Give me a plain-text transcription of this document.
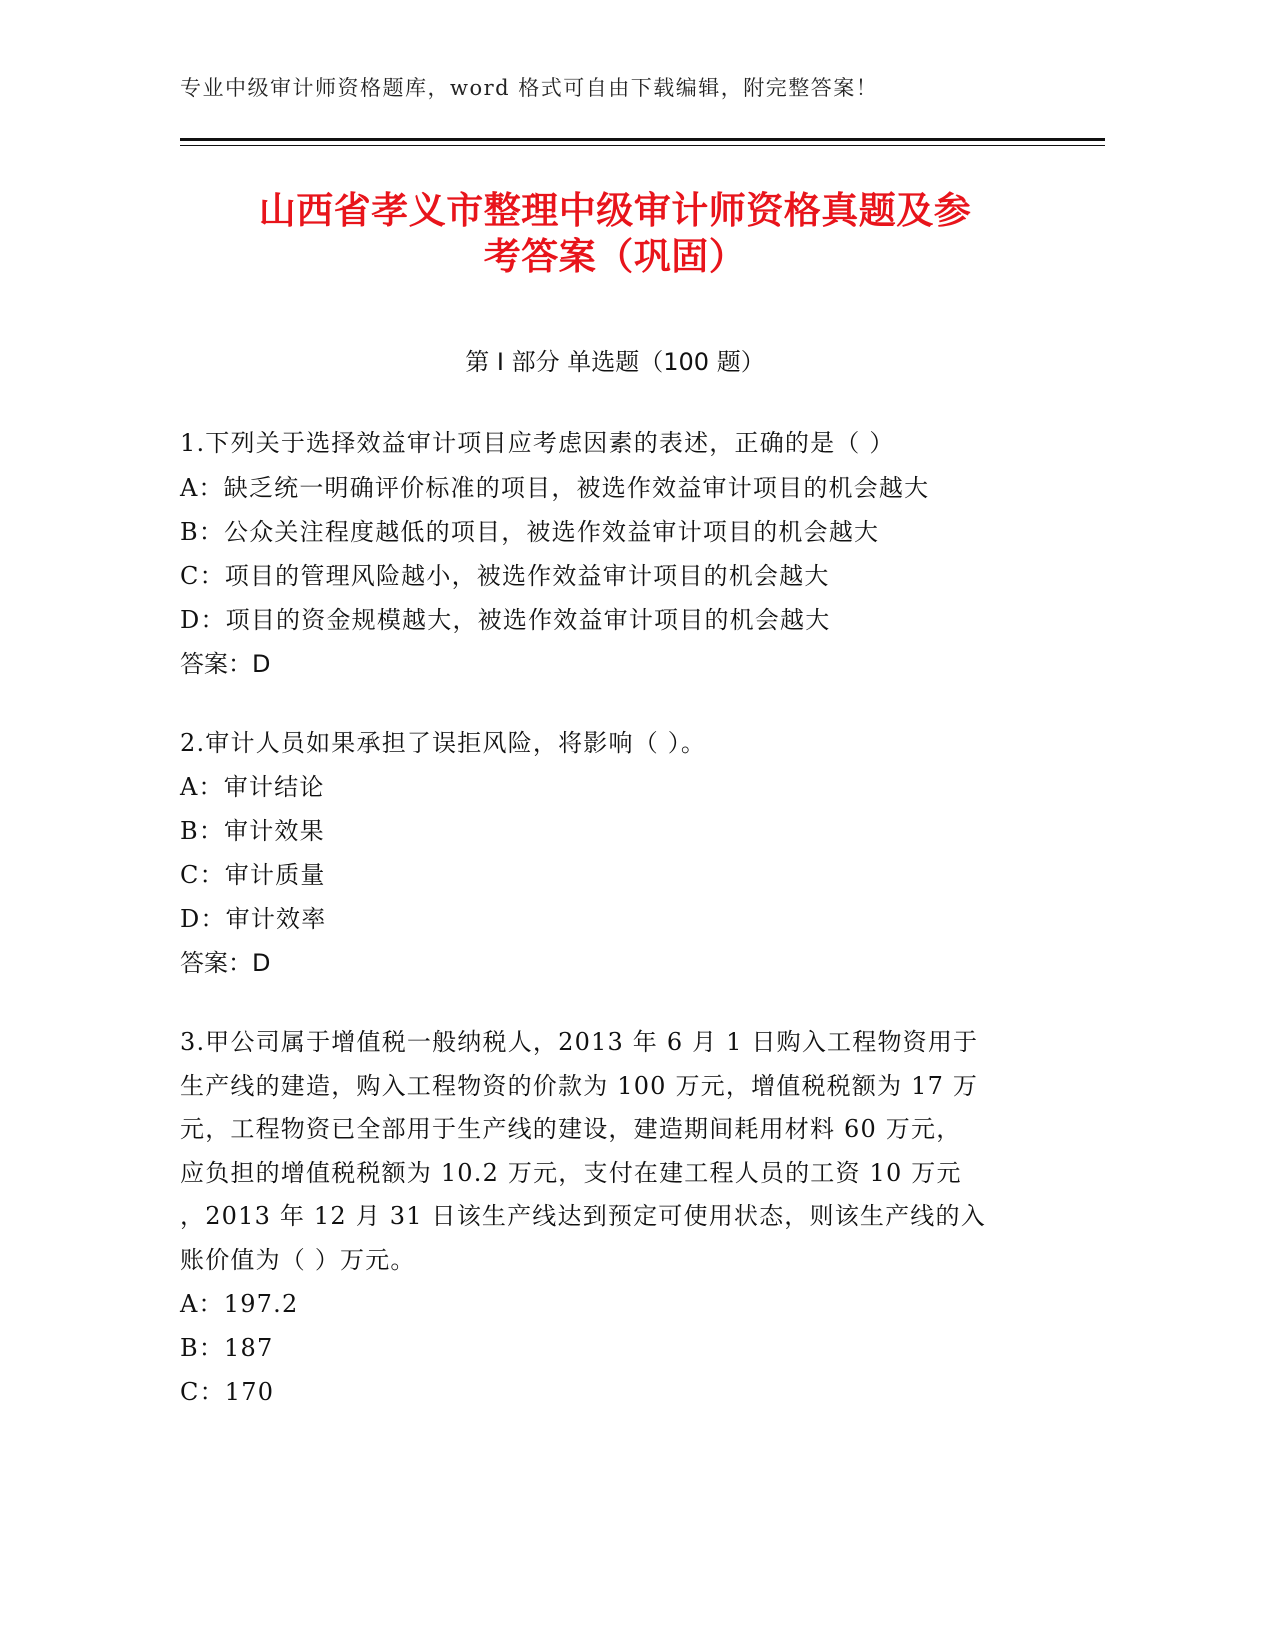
专业中级审计师资格题库，word 格式可自由下载编辑，附完整答案！
山西省孝义市整理中级审计师资格真题及参
考答案（巩固）
第 I 部分 单选题（100 题）

1.下列关于选择效益审计项目应考虑因素的表述，正确的是（ ）

A：缺乏统一明确评价标准的项目，被选作效益审计项目的机会越大
B：公众关注程度越低的项目，被选作效益审计项目的机会越大
C：项目的管理风险越小，被选作效益审计项目的机会越大
D：项目的资金规模越大，被选作效益审计项目的机会越大
答案：D

2.审计人员如果承担了误拒风险，将影响（ ）。

A：审计结论
B：审计效果
C：审计质量
D：审计效率
答案：D

3.甲公司属于增值税一般纳税人，2013 年 6 月 1 日购入工程物资用于

生产线的建造，购入工程物资的价款为 100 万元，增值税税额为 17 万

元，工程物资已全部用于生产线的建设，建造期间耗用材料 60 万元，

应负担的增值税税额为 10.2 万元，支付在建工程人员的工资 10 万元

，2013 年 12 月 31 日该生产线达到预定可使用状态，则该生产线的入

账价值为（ ）万元。

A：197.2
B：187
C：170
